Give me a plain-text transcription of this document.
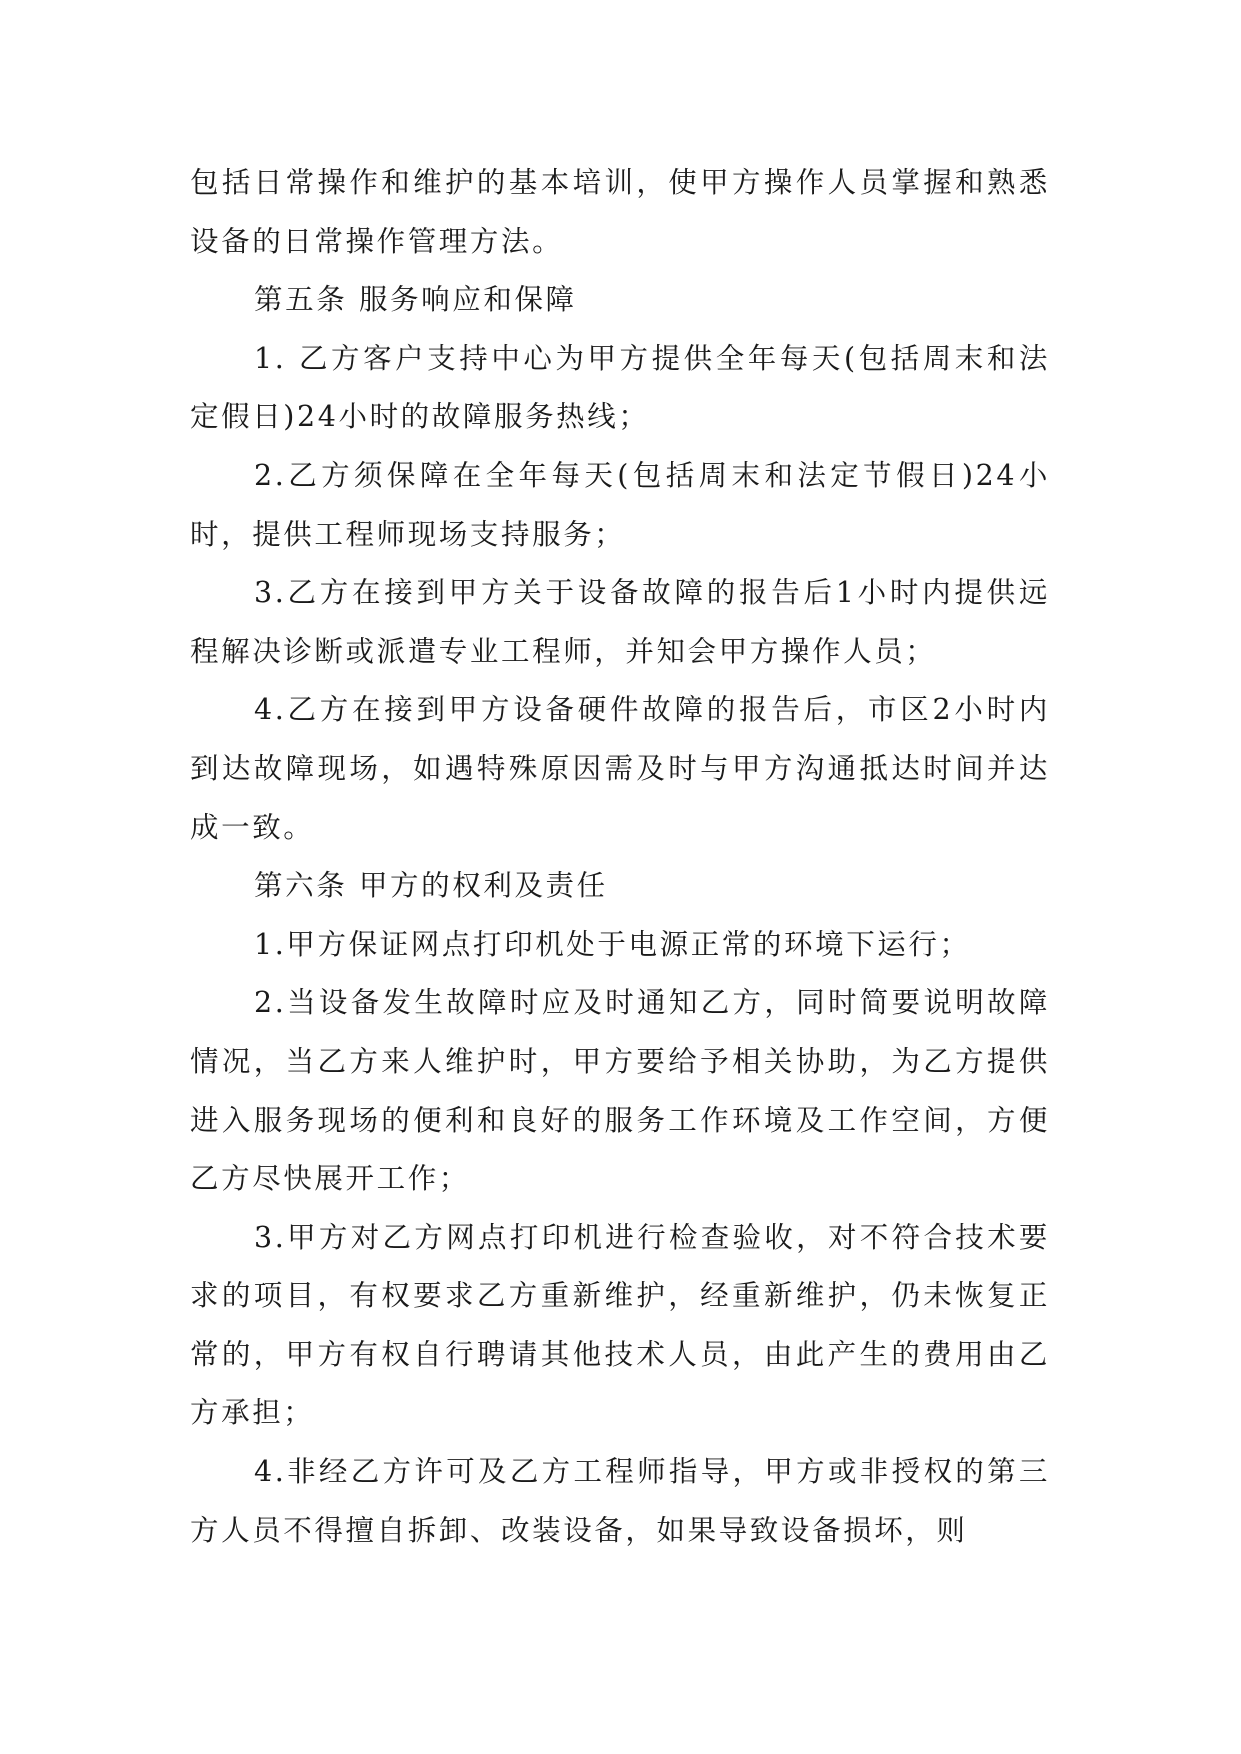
包括日常操作和维护的基本培训，使甲方操作人员掌握和熟悉设备的日常操作管理方法。

第五条 服务响应和保障

1. 乙方客户支持中心为甲方提供全年每天(包括周末和法定假日)24小时的故障服务热线；

2.乙方须保障在全年每天(包括周末和法定节假日)24小时，提供工程师现场支持服务；

3.乙方在接到甲方关于设备故障的报告后1小时内提供远程解决诊断或派遣专业工程师，并知会甲方操作人员；

4.乙方在接到甲方设备硬件故障的报告后，市区2小时内到达故障现场，如遇特殊原因需及时与甲方沟通抵达时间并达成一致。

第六条 甲方的权利及责任

1.甲方保证网点打印机处于电源正常的环境下运行；

2.当设备发生故障时应及时通知乙方，同时简要说明故障情况，当乙方来人维护时，甲方要给予相关协助，为乙方提供进入服务现场的便利和良好的服务工作环境及工作空间，方便乙方尽快展开工作；

3.甲方对乙方网点打印机进行检查验收，对不符合技术要求的项目，有权要求乙方重新维护，经重新维护，仍未恢复正常的，甲方有权自行聘请其他技术人员，由此产生的费用由乙方承担；

4.非经乙方许可及乙方工程师指导，甲方或非授权的第三方人员不得擅自拆卸、改装设备，如果导致设备损坏，则
